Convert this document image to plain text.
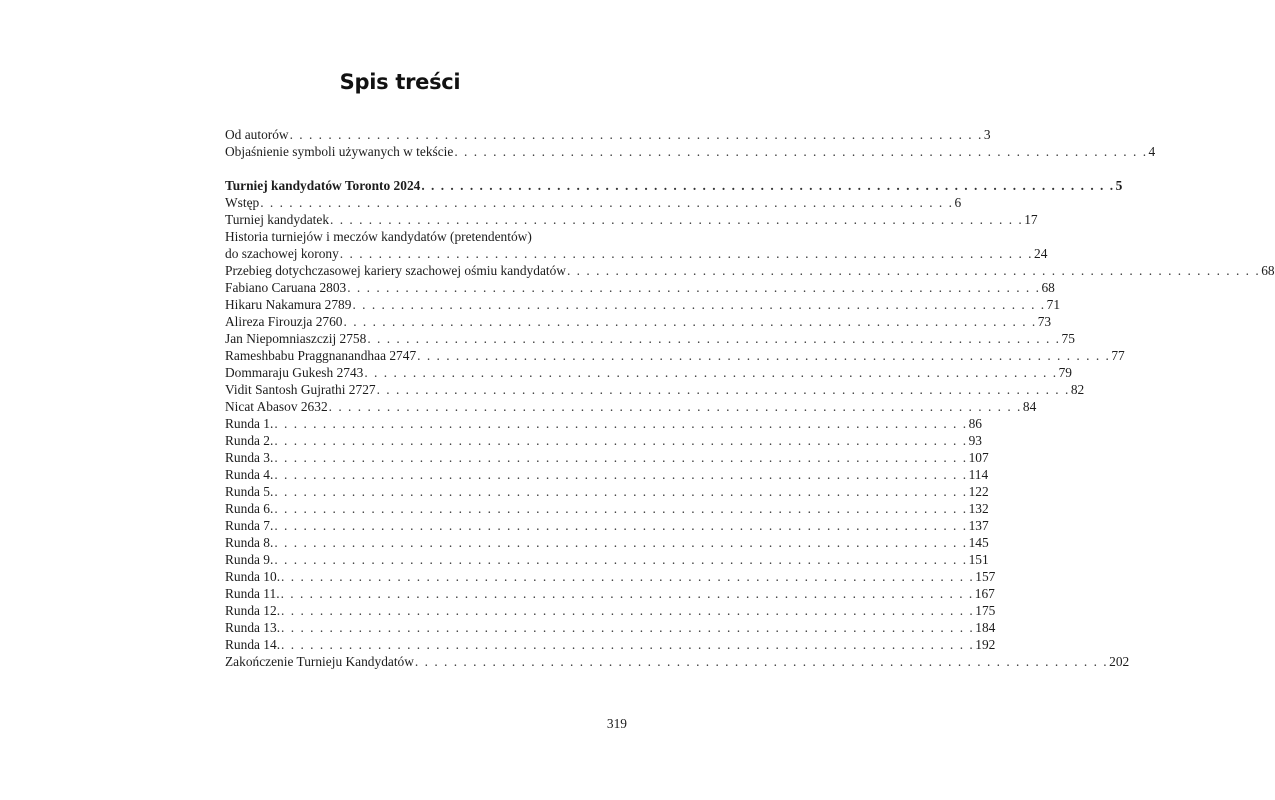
Spis treści
Od autorów . . . . . . . . . . . . . . . . . . . . . . . . . . . . . . . . . . . . . . . . . . . . . . . . . . . . . . . . . . . . . . . . . . . . . . . . 3
Objaśnienie symboli używanych w tekście . . . . . . . . . . . . . . . . . . . . . . . . . . . . . . . . . . . . . . . . . . . . . . . . . . . . . . . . . . . . . . . . . . . . . . . . 4
Turniej kandydatów Toronto 2024 . . . . . . . . . . . . . . . . . . . . . . . . . . . . . . . . . . . . . . . . . . . . . . . . . . . . . . . . . . . . . . . . . . . . . . . . 5
Wstęp . . . . . . . . . . . . . . . . . . . . . . . . . . . . . . . . . . . . . . . . . . . . . . . . . . . . . . . . . . . . . . . . . . . . . . . . 6
Turniej kandydatek . . . . . . . . . . . . . . . . . . . . . . . . . . . . . . . . . . . . . . . . . . . . . . . . . . . . . . . . . . . . . . . . . . . . . . . . 17
Historia turniejów i meczów kandydatów (pretendentów)
do szachowej korony . . . . . . . . . . . . . . . . . . . . . . . . . . . . . . . . . . . . . . . . . . . . . . . . . . . . . . . . . . . . . . . . . . . . . . . . 24
Przebieg dotychczasowej kariery szachowej ośmiu kandydatów . . . . . . . . . . . . . . . . . . . . . . . . . . . . . . . . . . . . . . . . . . . . . . . . . . . . . . . . . . . . . . . . . . . . . . . . 68
Fabiano Caruana 2803 . . . . . . . . . . . . . . . . . . . . . . . . . . . . . . . . . . . . . . . . . . . . . . . . . . . . . . . . . . . . . . . . . . . . . . . . 68
Hikaru Nakamura 2789 . . . . . . . . . . . . . . . . . . . . . . . . . . . . . . . . . . . . . . . . . . . . . . . . . . . . . . . . . . . . . . . . . . . . . . . . 71
Alireza Firouzja 2760 . . . . . . . . . . . . . . . . . . . . . . . . . . . . . . . . . . . . . . . . . . . . . . . . . . . . . . . . . . . . . . . . . . . . . . . . 73
Jan Niepomniaszczij 2758 . . . . . . . . . . . . . . . . . . . . . . . . . . . . . . . . . . . . . . . . . . . . . . . . . . . . . . . . . . . . . . . . . . . . . . . . 75
Rameshbabu Praggnanandhaa 2747 . . . . . . . . . . . . . . . . . . . . . . . . . . . . . . . . . . . . . . . . . . . . . . . . . . . . . . . . . . . . . . . . . . . . . . . . 77
Dommaraju Gukesh 2743 . . . . . . . . . . . . . . . . . . . . . . . . . . . . . . . . . . . . . . . . . . . . . . . . . . . . . . . . . . . . . . . . . . . . . . . . 79
Vidit Santosh Gujrathi 2727 . . . . . . . . . . . . . . . . . . . . . . . . . . . . . . . . . . . . . . . . . . . . . . . . . . . . . . . . . . . . . . . . . . . . . . . . 82
Nicat Abasov 2632 . . . . . . . . . . . . . . . . . . . . . . . . . . . . . . . . . . . . . . . . . . . . . . . . . . . . . . . . . . . . . . . . . . . . . . . . 84
Runda 1. . . . . . . . . . . . . . . . . . . . . . . . . . . . . . . . . . . . . . . . . . . . . . . . . . . . . . . . . . . . . . . . . . . . . . . . . 86
Runda 2. . . . . . . . . . . . . . . . . . . . . . . . . . . . . . . . . . . . . . . . . . . . . . . . . . . . . . . . . . . . . . . . . . . . . . . . . 93
Runda 3. . . . . . . . . . . . . . . . . . . . . . . . . . . . . . . . . . . . . . . . . . . . . . . . . . . . . . . . . . . . . . . . . . . . . . . . . 107
Runda 4. . . . . . . . . . . . . . . . . . . . . . . . . . . . . . . . . . . . . . . . . . . . . . . . . . . . . . . . . . . . . . . . . . . . . . . . . 114
Runda 5. . . . . . . . . . . . . . . . . . . . . . . . . . . . . . . . . . . . . . . . . . . . . . . . . . . . . . . . . . . . . . . . . . . . . . . . . 122
Runda 6. . . . . . . . . . . . . . . . . . . . . . . . . . . . . . . . . . . . . . . . . . . . . . . . . . . . . . . . . . . . . . . . . . . . . . . . . 132
Runda 7. . . . . . . . . . . . . . . . . . . . . . . . . . . . . . . . . . . . . . . . . . . . . . . . . . . . . . . . . . . . . . . . . . . . . . . . . 137
Runda 8. . . . . . . . . . . . . . . . . . . . . . . . . . . . . . . . . . . . . . . . . . . . . . . . . . . . . . . . . . . . . . . . . . . . . . . . . 145
Runda 9. . . . . . . . . . . . . . . . . . . . . . . . . . . . . . . . . . . . . . . . . . . . . . . . . . . . . . . . . . . . . . . . . . . . . . . . . 151
Runda 10. . . . . . . . . . . . . . . . . . . . . . . . . . . . . . . . . . . . . . . . . . . . . . . . . . . . . . . . . . . . . . . . . . . . . . . . . 157
Runda 11. . . . . . . . . . . . . . . . . . . . . . . . . . . . . . . . . . . . . . . . . . . . . . . . . . . . . . . . . . . . . . . . . . . . . . . . . 167
Runda 12. . . . . . . . . . . . . . . . . . . . . . . . . . . . . . . . . . . . . . . . . . . . . . . . . . . . . . . . . . . . . . . . . . . . . . . . . 175
Runda 13. . . . . . . . . . . . . . . . . . . . . . . . . . . . . . . . . . . . . . . . . . . . . . . . . . . . . . . . . . . . . . . . . . . . . . . . . 184
Runda 14. . . . . . . . . . . . . . . . . . . . . . . . . . . . . . . . . . . . . . . . . . . . . . . . . . . . . . . . . . . . . . . . . . . . . . . . . 192
Zakończenie Turnieju Kandydatów . . . . . . . . . . . . . . . . . . . . . . . . . . . . . . . . . . . . . . . . . . . . . . . . . . . . . . . . . . . . . . . . . . . . . . . . 202
319
